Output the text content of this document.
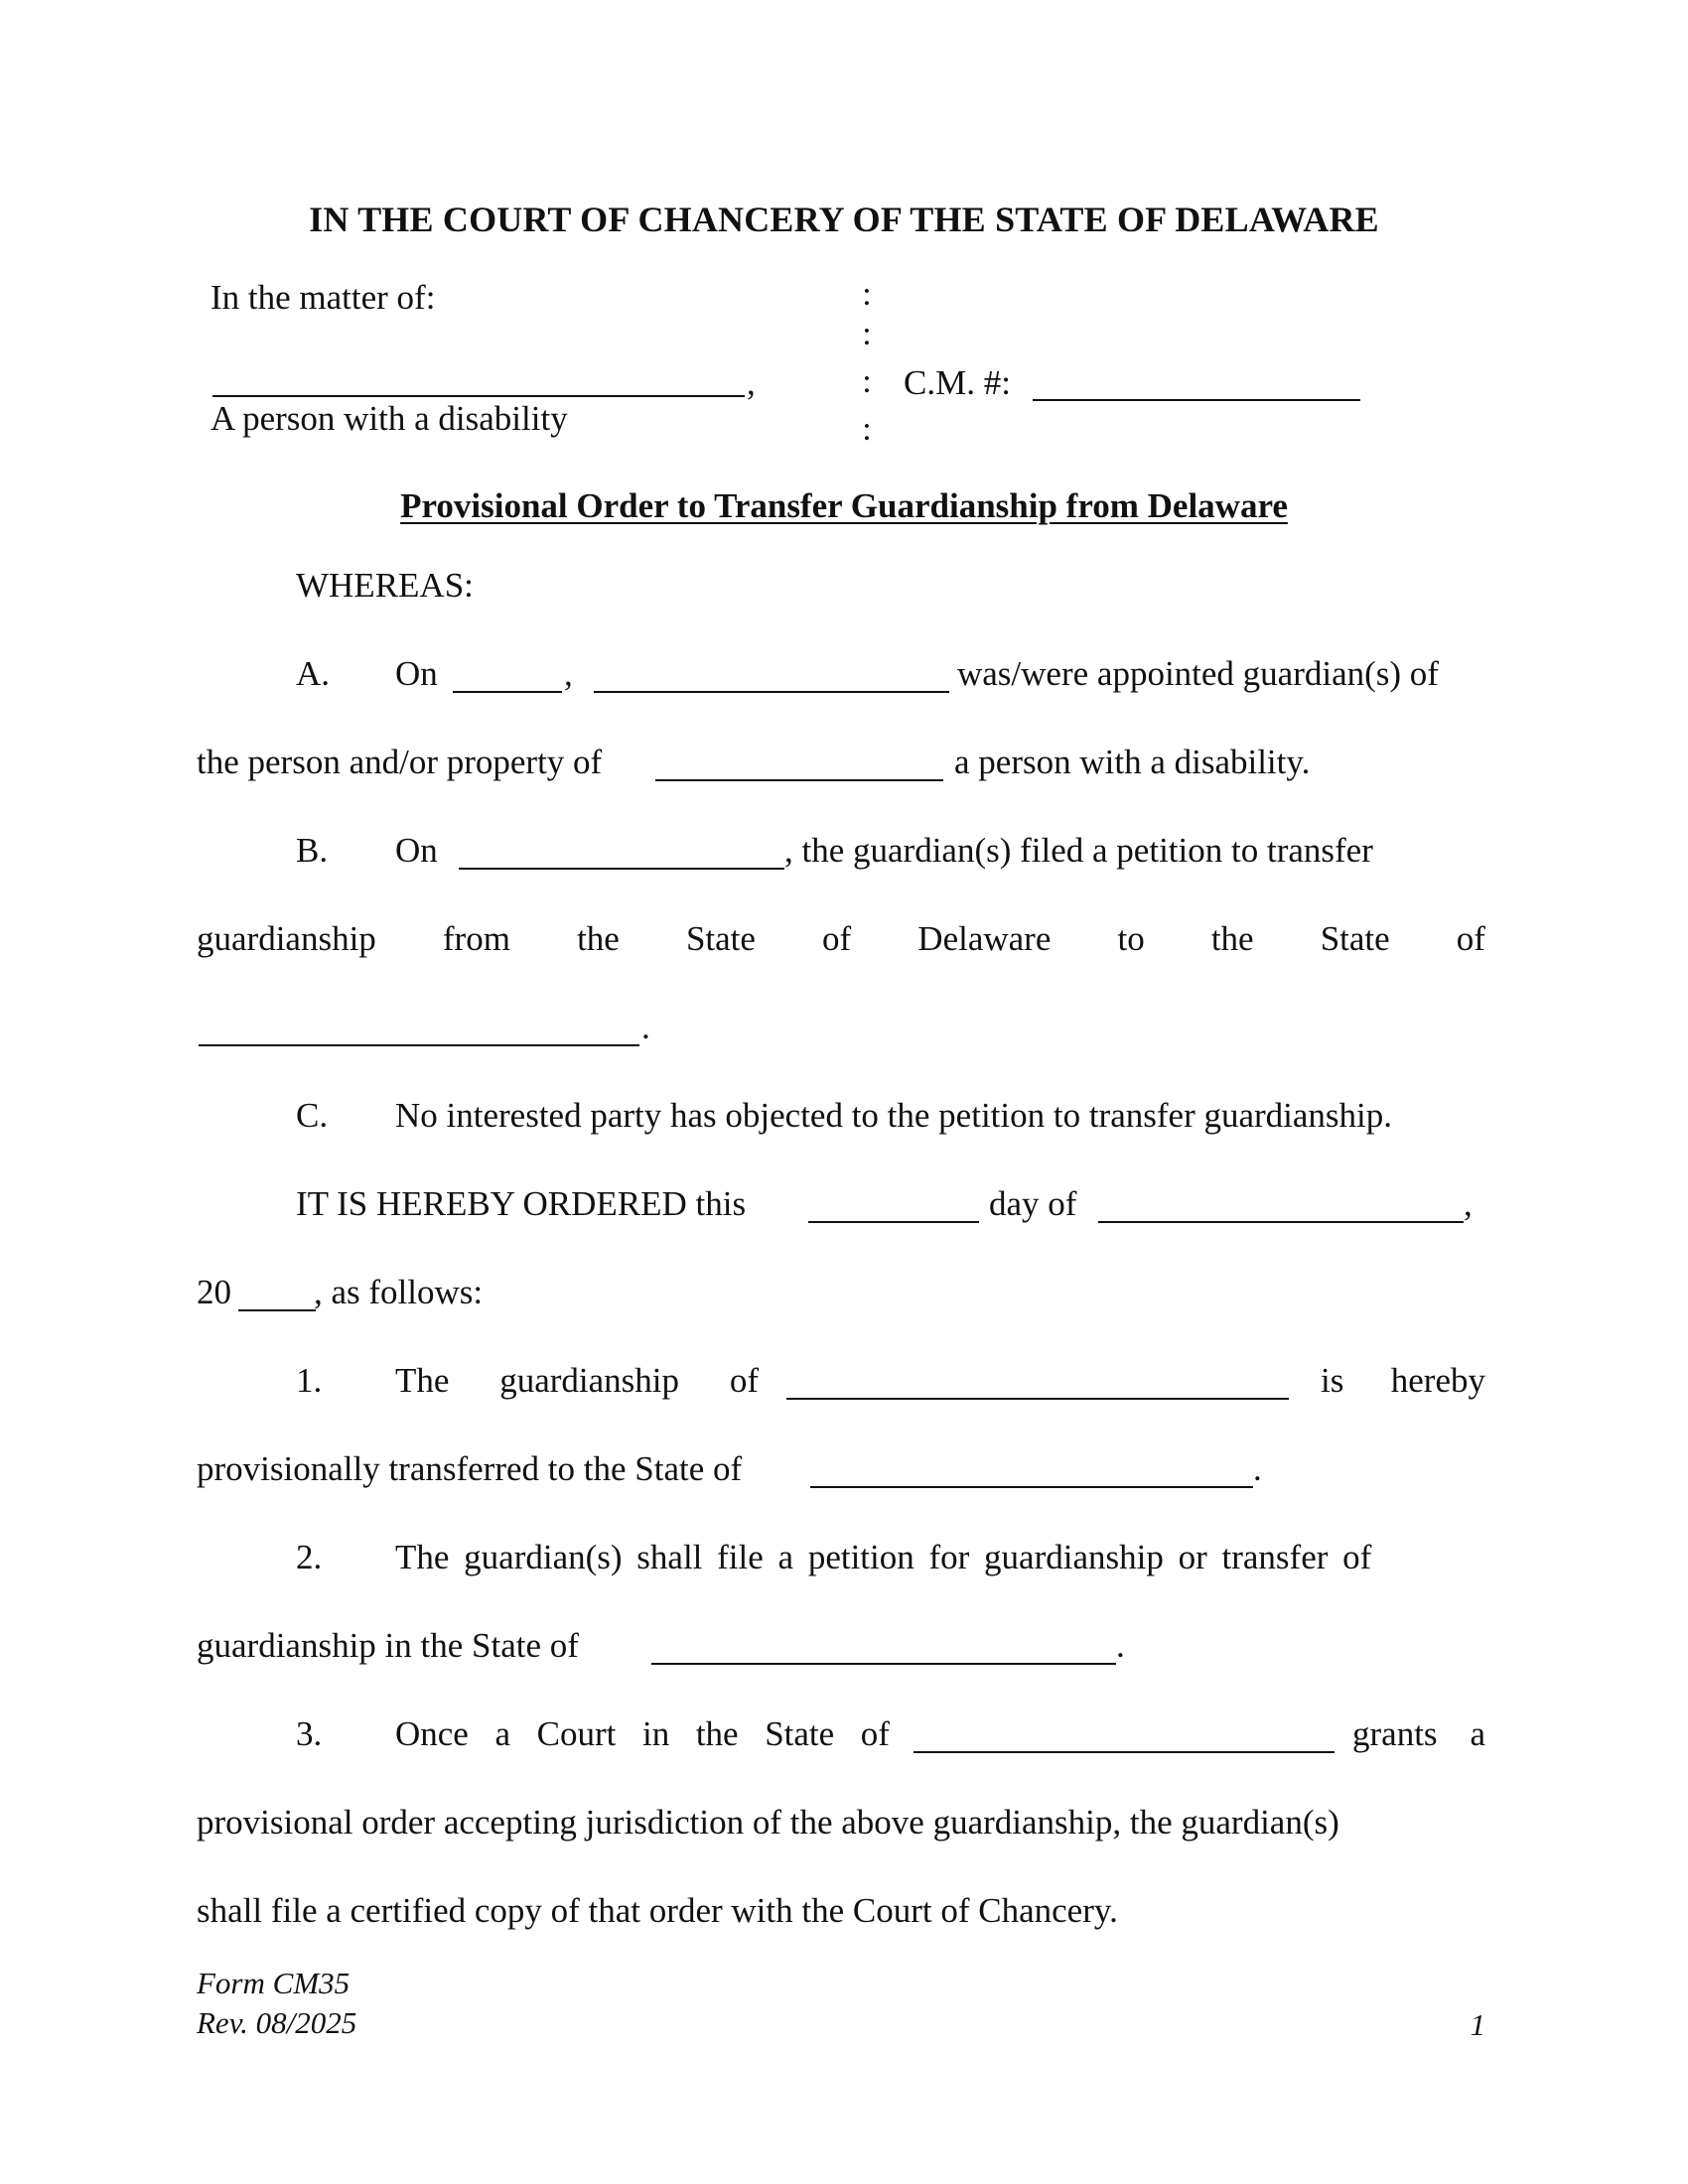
IN THE COURT OF CHANCERY OF THE STATE OF DELAWARE
In the matter of:
,
A person with a disability
:
:
:
:
C.M. #:
Provisional Order to Transfer Guardianship from Delaware
WHEREAS:
A. On	,	was/were appointed guardian(s) of
the person and/or property of	a person with a disability.
B. On	, the guardian(s) filed a petition to transfer
guardianship from the State of Delaware to the State of
.
C. No interested party has objected to the petition to transfer guardianship.
IT IS HEREBY ORDERED this	day of	,
20 , as follows:
1. The guardianship of	is hereby
provisionally transferred to the State of	.
2. The guardian(s) shall file a petition for guardianship or transfer of
guardianship in the State of	.
3. Once a Court in the State of	grants a
provisional order accepting jurisdiction of the above guardianship, the guardian(s)
shall file a certified copy of that order with the Court of Chancery.
Form CM35
Rev. 08/2025	1
